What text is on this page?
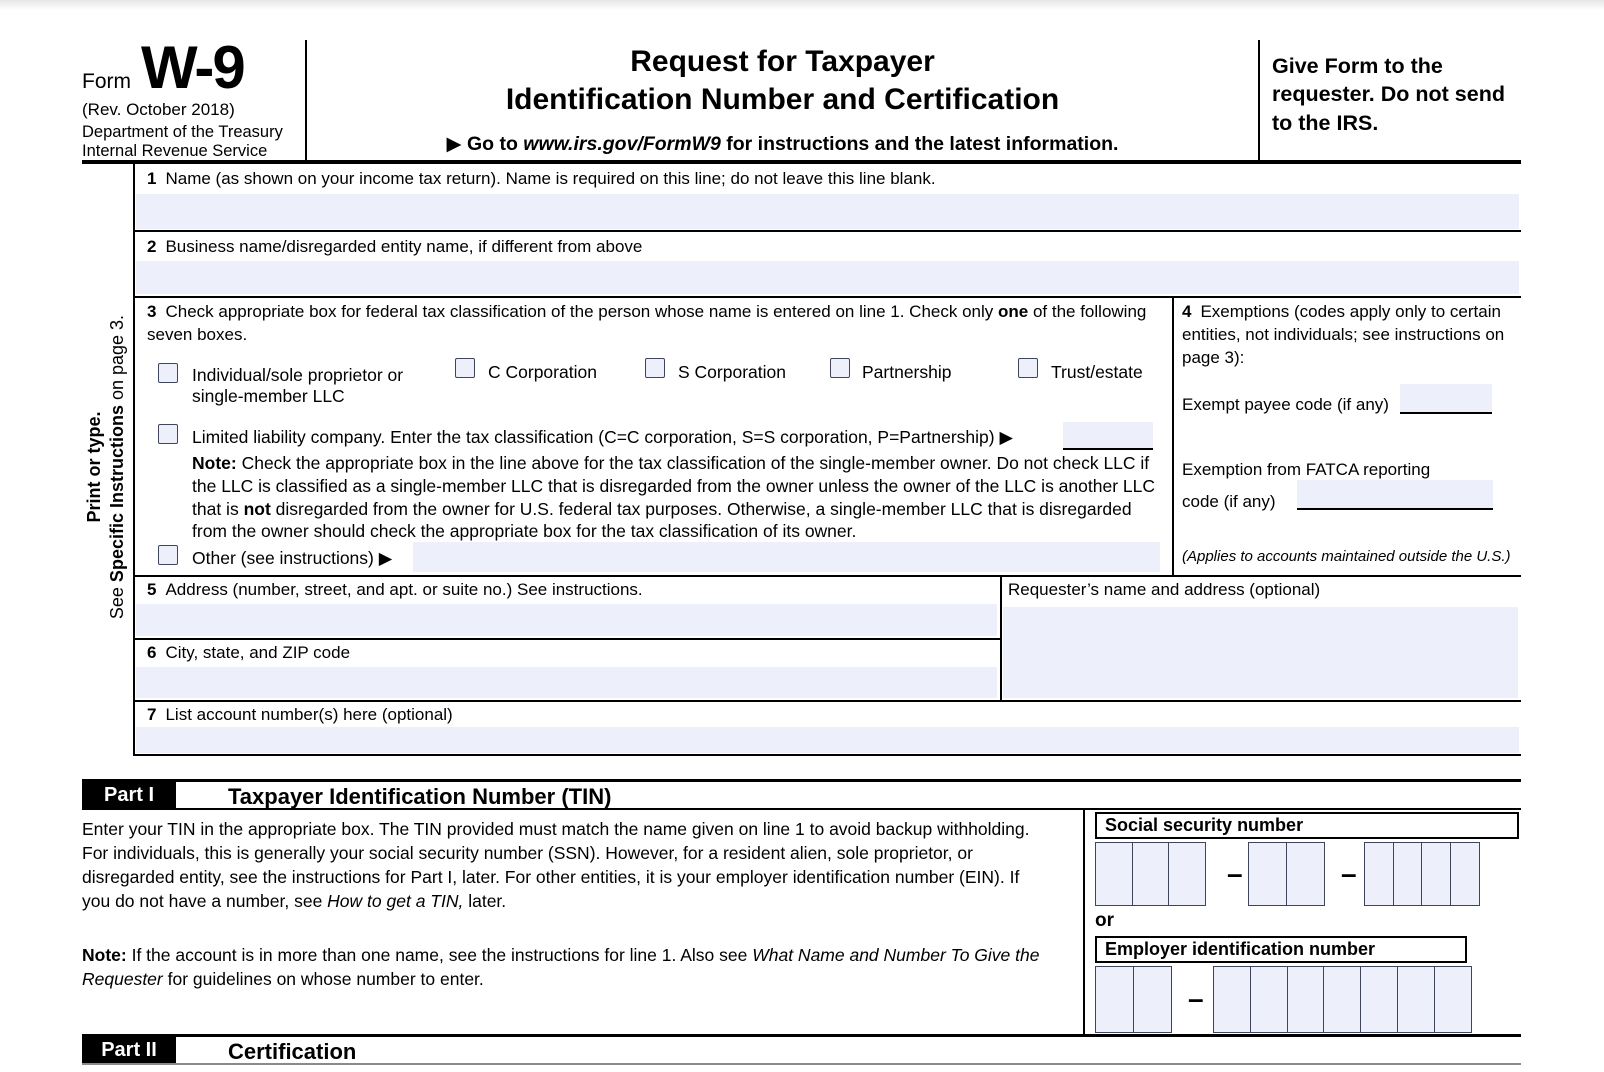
Form W-9
(Rev. October 2018)
Department of the Treasury
Internal Revenue Service
Request for Taxpayer
Identification Number and Certification
▶ Go to www.irs.gov/FormW9 for instructions and the latest information.
Give Form to the requester. Do not send to the IRS.
Print or type.
See Specific Instructions on page 3.
1 Name (as shown on your income tax return). Name is required on this line; do not leave this line blank.
2 Business name/disregarded entity name, if different from above
3 Check appropriate box for federal tax classification of the person whose name is entered on line 1. Check only one of the following seven boxes.
Individual/sole proprietor or single-member LLC
C Corporation	S Corporation	Partnership	Trust/estate
Limited liability company. Enter the tax classification (C=C corporation, S=S corporation, P=Partnership) ▶
Note: Check the appropriate box in the line above for the tax classification of the single-member owner. Do not check LLC if the LLC is classified as a single-member LLC that is disregarded from the owner unless the owner of the LLC is another LLC that is not disregarded from the owner for U.S. federal tax purposes. Otherwise, a single-member LLC that is disregarded from the owner should check the appropriate box for the tax classification of its owner.
Other (see instructions) ▶
4 Exemptions (codes apply only to certain entities, not individuals; see instructions on page 3):
Exempt payee code (if any)
Exemption from FATCA reporting
code (if any)
(Applies to accounts maintained outside the U.S.)
5 Address (number, street, and apt. or suite no.) See instructions.	Requester’s name and address (optional)
6 City, state, and ZIP code
7 List account number(s) here (optional)
Part I	Taxpayer Identification Number (TIN)
Enter your TIN in the appropriate box. The TIN provided must match the name given on line 1 to avoid backup withholding. For individuals, this is generally your social security number (SSN). However, for a resident alien, sole proprietor, or disregarded entity, see the instructions for Part I, later. For other entities, it is your employer identification number (EIN). If you do not have a number, see How to get a TIN, later.
Note: If the account is in more than one name, see the instructions for line 1. Also see What Name and Number To Give the Requester for guidelines on whose number to enter.
Social security number
–	–
or
Employer identification number
–
Part II	Certification
